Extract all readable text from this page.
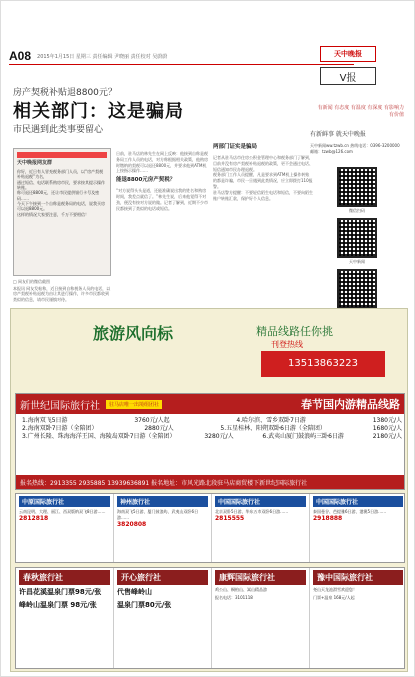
A08 2015年1月15日 星期三 责任编辑 尹晓丽 责任校对 吴蔚蔚	天中晚报
V报
有新闻 有态度 有温度 有深度 有影响力 有价值
有新鲜事 就天中晚报
天中新闻ww.tzwb.cn 热线电话：0396-3200000 邮箱：tzwb@126.com
房产契税补贴退8800元？
相关部门：这是骗局
市民遇到此类事要留心
天中晚报网友群
你好，近日有人冒充税务部门人员，以“房产契税补贴退税”为名，
通过短信、电话联系购房市民，要求按其提示操作转账。
称可退还8800元，还让市民提供银行卡号及密码……
今天下午接到一个自称是税务局的电话，说我买房可以退8800元。
这样的情况大家要注意，千万不要相信！
□ 网友们的微信截图
本报讯 网友发帖称，近日接到自称税务人员的电话，以房产契税补贴退税为由让其进行操作，许多市民都收到类似的信息，请市民谨慎对待。

日前，驻马店的林先生在网上反映：他接到自称是税务局工作人员的电话，对方称根据相关政策，他购房时缴纳的契税可以退还8800元，并要求他到ATM机上按指示操作……

能退8800元房产契税？

“对方说得头头是道，还能准确说出我的姓名和购房时间，我差点就信了。”林先生说，后来他觉得不对劲，便没有按对方说的做。记者了解到，近期不少市民都接到了类似的电话或短信。

两部门证实是骗局

记者从驻马店市住房公积金管理中心和税务部门了解到，目前并没有房产契税补贴退税的政策，更不会通过电话、短信通知市民办理退税。

税务部门工作人员提醒，凡是要求到ATM机上操作转账的都是诈骗，市民一旦遇到此类情况，应立即拨打110报警。

驻马店警方提醒：不要轻信陌生电话和短信，不要向陌生账户转账汇款，保护好个人信息。

微信扫码
天中新闻
旅游风向标	精品线路任你挑
刊登热线
13513863223
新世纪国际旅行社	驻马店唯一出境组团社	春节国内游精品线路
1.海南双飞5日游	3760元/人起	4.哈尔滨、雪乡双卧7日游	1380元/人
2.海南双卧7日游（全陪团）	2880元/人	5.五星桂林、阳朔双卧6日游（全陪团）	1680元/人
3.广州长隆、珠海海洋王国、海陵岛双卧7日游（全陪团）	3280元/人	6.武夷山厦门鼓浪屿三卧6日游	2180元/人
报名热线：2913355 2935885 13939636891 报名地址：市风光路北段驻马店商贸楼下新世纪国际旅行社
中原国际旅行社
云南昆明、大理、丽江、西双版纳双飞8日游……
2812818
神州旅行社
海南双飞5日游、厦门鼓浪屿、武夷山双卧6日游……
3820808
中国国际旅行社
北京双卧5日游、华东五市双卧6日游……
2815555
中国国际旅行社
泰国曼谷、芭提雅6日游、港澳5日游……
2918888
春秋旅行社
许昌花溪温泉门票98元/张
峰岭山温泉门票 98元/张
开心旅行社
代售峰岭山
温泉门票80元/张
康辉国际旅行社
鸡公山、桐柏山、嵩山精品游
报名电话：3101118
豫中国际旅行社
尧山天龙池滑雪欢迎您！
门票+温泉 168元/人起
